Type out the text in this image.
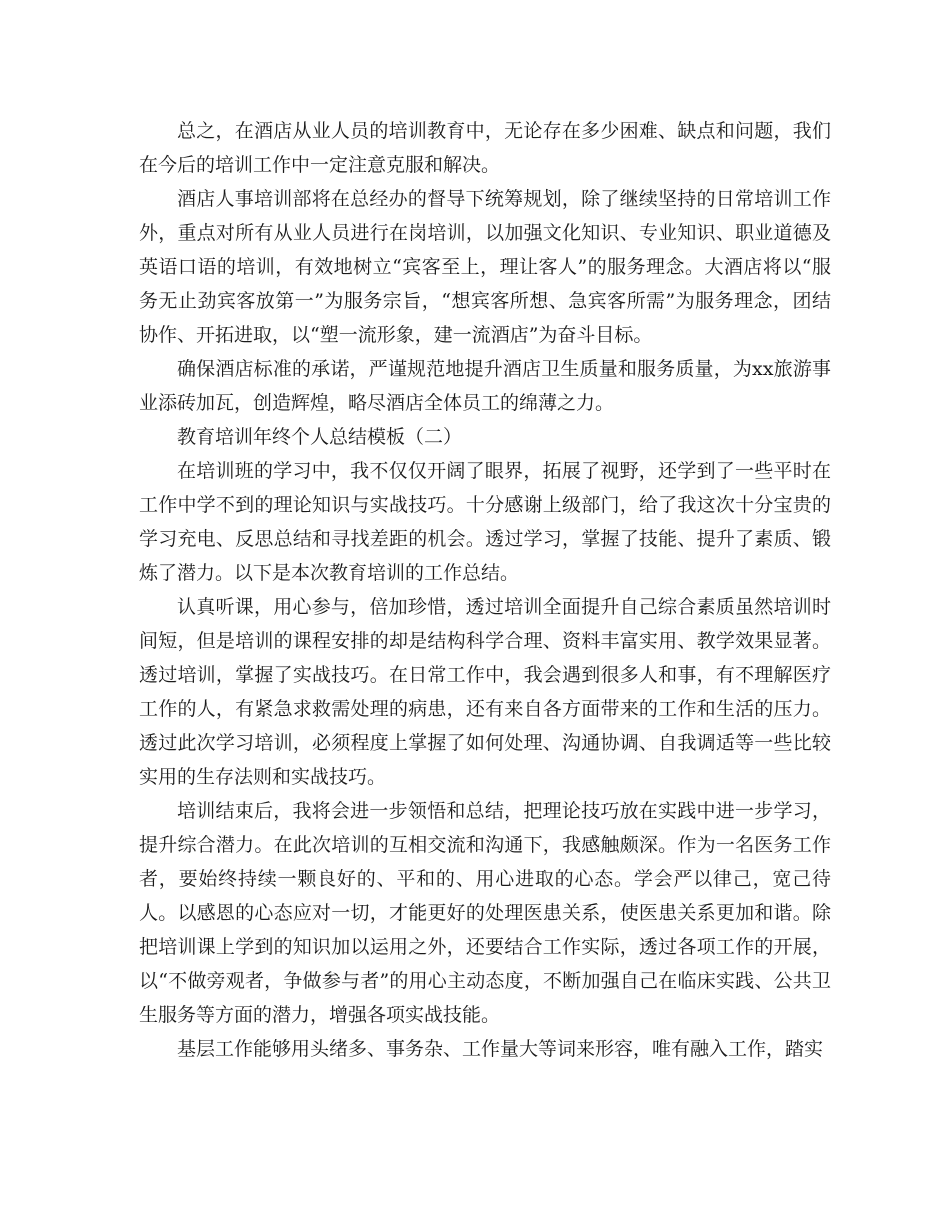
总之，在酒店从业人员的培训教育中，无论存在多少困难、缺点和问题，我们在今后的培训工作中一定注意克服和解决。

酒店人事培训部将在总经办的督导下统筹规划，除了继续坚持的日常培训工作外，重点对所有从业人员进行在岗培训，以加强文化知识、专业知识、职业道德及英语口语的培训，有效地树立“宾客至上，理让客人”的服务理念。大酒店将以“服务无止劲宾客放第一”为服务宗旨，“想宾客所想、急宾客所需”为服务理念，团结协作、开拓进取，以“塑一流形象，建一流酒店”为奋斗目标。

确保酒店标准的承诺，严谨规范地提升酒店卫生质量和服务质量，为xx旅游事业添砖加瓦，创造辉煌，略尽酒店全体员工的绵薄之力。

教育培训年终个人总结模板（二）

在培训班的学习中，我不仅仅开阔了眼界，拓展了视野，还学到了一些平时在工作中学不到的理论知识与实战技巧。十分感谢上级部门，给了我这次十分宝贵的学习充电、反思总结和寻找差距的机会。透过学习，掌握了技能、提升了素质、锻炼了潜力。以下是本次教育培训的工作总结。

认真听课，用心参与，倍加珍惜，透过培训全面提升自己综合素质虽然培训时间短，但是培训的课程安排的却是结构科学合理、资料丰富实用、教学效果显著。透过培训，掌握了实战技巧。在日常工作中，我会遇到很多人和事，有不理解医疗工作的人，有紧急求救需处理的病患，还有来自各方面带来的工作和生活的压力。透过此次学习培训，必须程度上掌握了如何处理、沟通协调、自我调适等一些比较实用的生存法则和实战技巧。

培训结束后，我将会进一步领悟和总结，把理论技巧放在实践中进一步学习，提升综合潜力。在此次培训的互相交流和沟通下，我感触颇深。作为一名医务工作者，要始终持续一颗良好的、平和的、用心进取的心态。学会严以律己，宽己待人。以感恩的心态应对一切，才能更好的处理医患关系，使医患关系更加和谐。除把培训课上学到的知识加以运用之外，还要结合工作实际，透过各项工作的开展，以“不做旁观者，争做参与者”的用心主动态度，不断加强自己在临床实践、公共卫生服务等方面的潜力，增强各项实战技能。

基层工作能够用头绪多、事务杂、工作量大等词来形容，唯有融入工作，踏实
